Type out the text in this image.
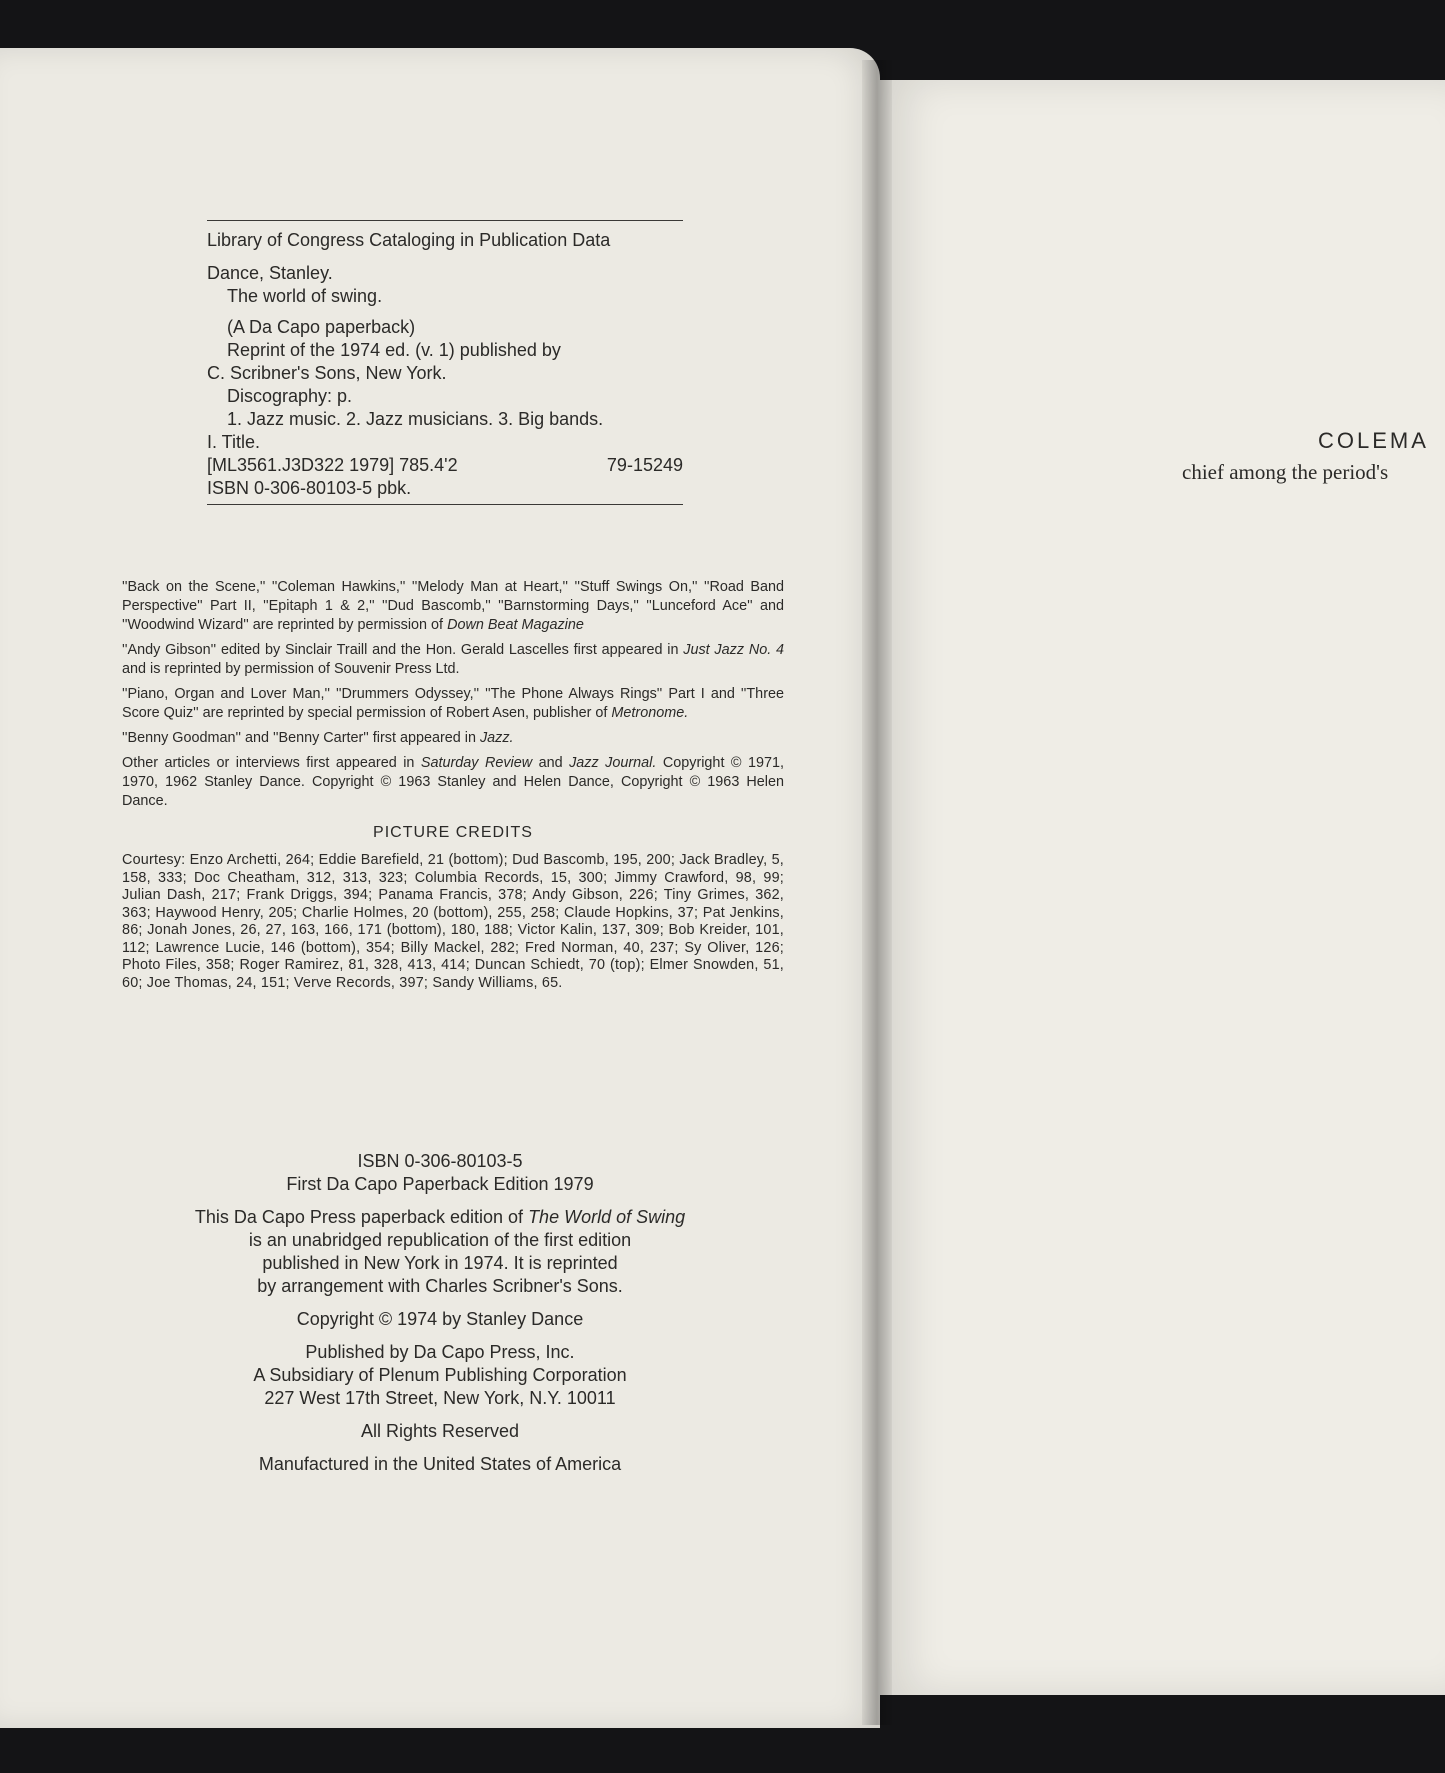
Library of Congress Cataloging in Publication Data
Dance, Stanley.
The world of swing.
(A Da Capo paperback)
Reprint of the 1974 ed. (v. 1) published by
C. Scribner's Sons, New York.
Discography: p.
1. Jazz music. 2. Jazz musicians. 3. Big bands.
I. Title.
[ML3561.J3D322 1979] 785.4'2	79-15249
ISBN 0-306-80103-5 pbk.

''Back on the Scene,'' ''Coleman Hawkins,'' ''Melody Man at Heart,'' ''Stuff Swings On,'' ''Road Band Perspective'' Part II, ''Epitaph 1 & 2,'' ''Dud Bascomb,'' ''Barnstorming Days,'' ''Lunceford Ace'' and ''Woodwind Wizard'' are reprinted by permission of Down Beat Magazine

''Andy Gibson'' edited by Sinclair Traill and the Hon. Gerald Lascelles first appeared in Just Jazz No. 4 and is reprinted by permission of Souvenir Press Ltd.

''Piano, Organ and Lover Man,'' ''Drummers Odyssey,'' ''The Phone Always Rings'' Part I and ''Three Score Quiz'' are reprinted by special permission of Robert Asen, publisher of Metronome.

''Benny Goodman'' and ''Benny Carter'' first appeared in Jazz.

Other articles or interviews first appeared in Saturday Review and Jazz Journal. Copyright © 1971, 1970, 1962 Stanley Dance. Copyright © 1963 Stanley and Helen Dance, Copyright © 1963 Helen Dance.

PICTURE CREDITS
Courtesy: Enzo Archetti, 264; Eddie Barefield, 21 (bottom); Dud Bascomb, 195, 200; Jack Bradley, 5, 158, 333; Doc Cheatham, 312, 313, 323; Columbia Records, 15, 300; Jimmy Crawford, 98, 99; Julian Dash, 217; Frank Driggs, 394; Panama Francis, 378; Andy Gibson, 226; Tiny Grimes, 362, 363; Haywood Henry, 205; Charlie Holmes, 20 (bottom), 255, 258; Claude Hopkins, 37; Pat Jenkins, 86; Jonah Jones, 26, 27, 163, 166, 171 (bottom), 180, 188; Victor Kalin, 137, 309; Bob Kreider, 101, 112; Lawrence Lucie, 146 (bottom), 354; Billy Mackel, 282; Fred Norman, 40, 237; Sy Oliver, 126; Photo Files, 358; Roger Ramirez, 81, 328, 413, 414; Duncan Schiedt, 70 (top); Elmer Snowden, 51, 60; Joe Thomas, 24, 151; Verve Records, 397; Sandy Williams, 65.
ISBN 0-306-80103-5
First Da Capo Paperback Edition 1979
This Da Capo Press paperback edition of The World of Swing
is an unabridged republication of the first edition
published in New York in 1974. It is reprinted
by arrangement with Charles Scribner's Sons.
Copyright © 1974 by Stanley Dance
Published by Da Capo Press, Inc.
A Subsidiary of Plenum Publishing Corporation
227 West 17th Street, New York, N.Y. 10011
All Rights Reserved
Manufactured in the United States of America
COLEMA
chief among the period's
